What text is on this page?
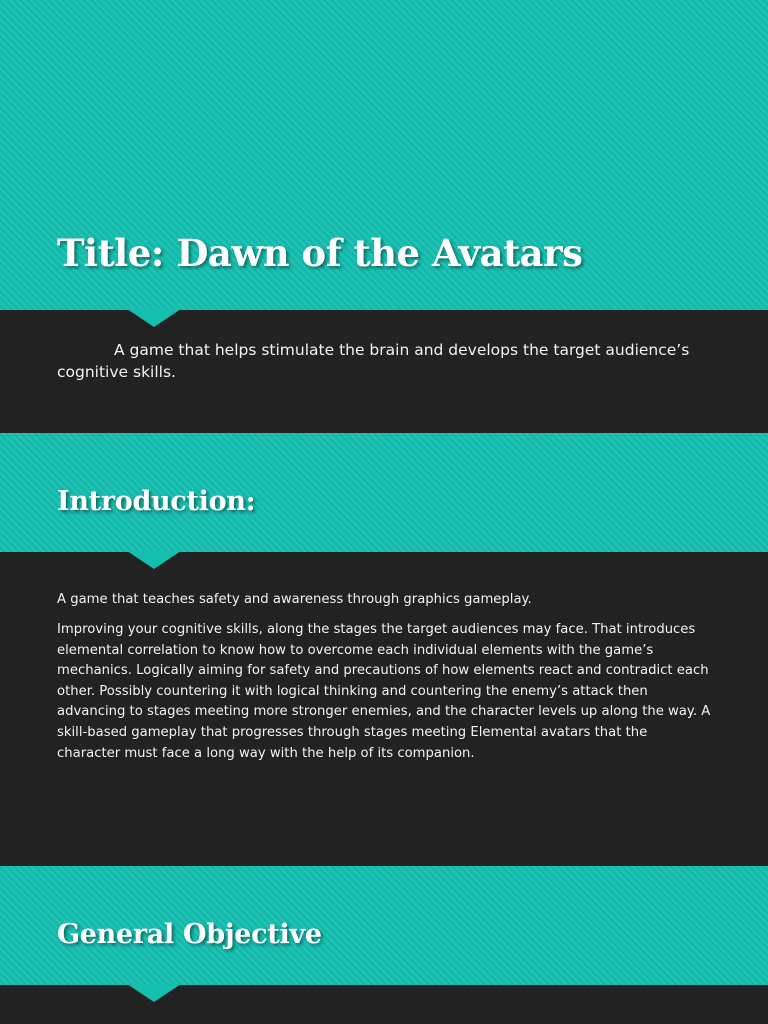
Title: Dawn of the Avatars

A game that helps stimulate the brain and develops the target audience’s cognitive skills.

Introduction:

A game that teaches safety and awareness through graphics gameplay.

Improving your cognitive skills, along the stages the target audiences may face. That introduces elemental correlation to know how to overcome each individual elements with the game’s mechanics. Logically aiming for safety and precautions of how elements react and contradict each other. Possibly countering it with logical thinking and countering the enemy’s attack then advancing to stages meeting more stronger enemies, and the character levels up along the way. A skill-based gameplay that progresses through stages meeting Elemental avatars that the character must face a long way with the help of its companion.

General Objective
